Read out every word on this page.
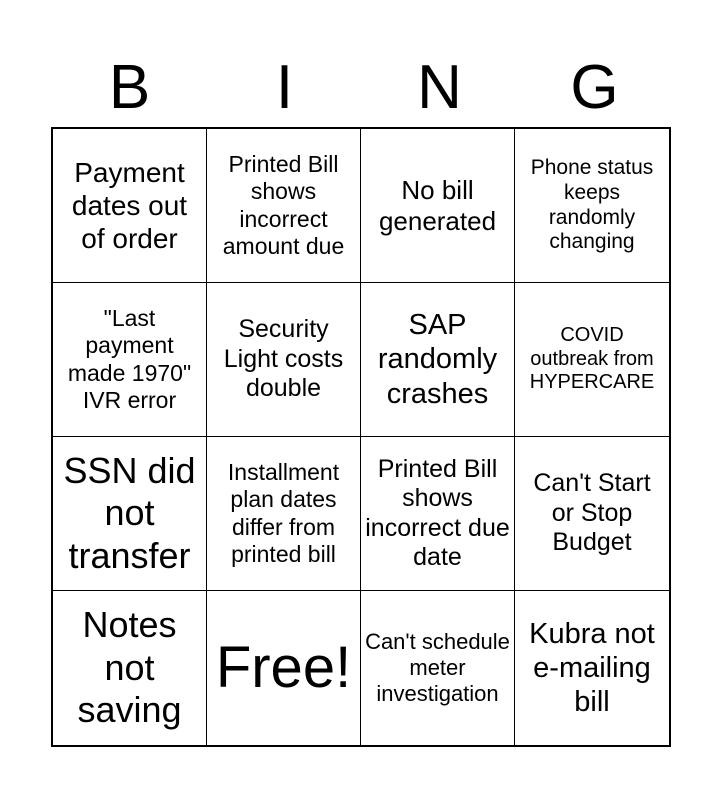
B	I	N	G
Payment dates out of order
Printed Bill shows incorrect amount due
No bill generated
Phone status keeps randomly changing
"Last payment made 1970" IVR error
Security Light costs double
SAP randomly crashes
COVID outbreak from HYPERCARE
SSN did not transfer
Installment plan dates differ from printed bill
Printed Bill shows incorrect due date
Can't Start or Stop Budget
Notes not saving
Free! Can't schedule meter investigation
Kubra not e-mailing bill
